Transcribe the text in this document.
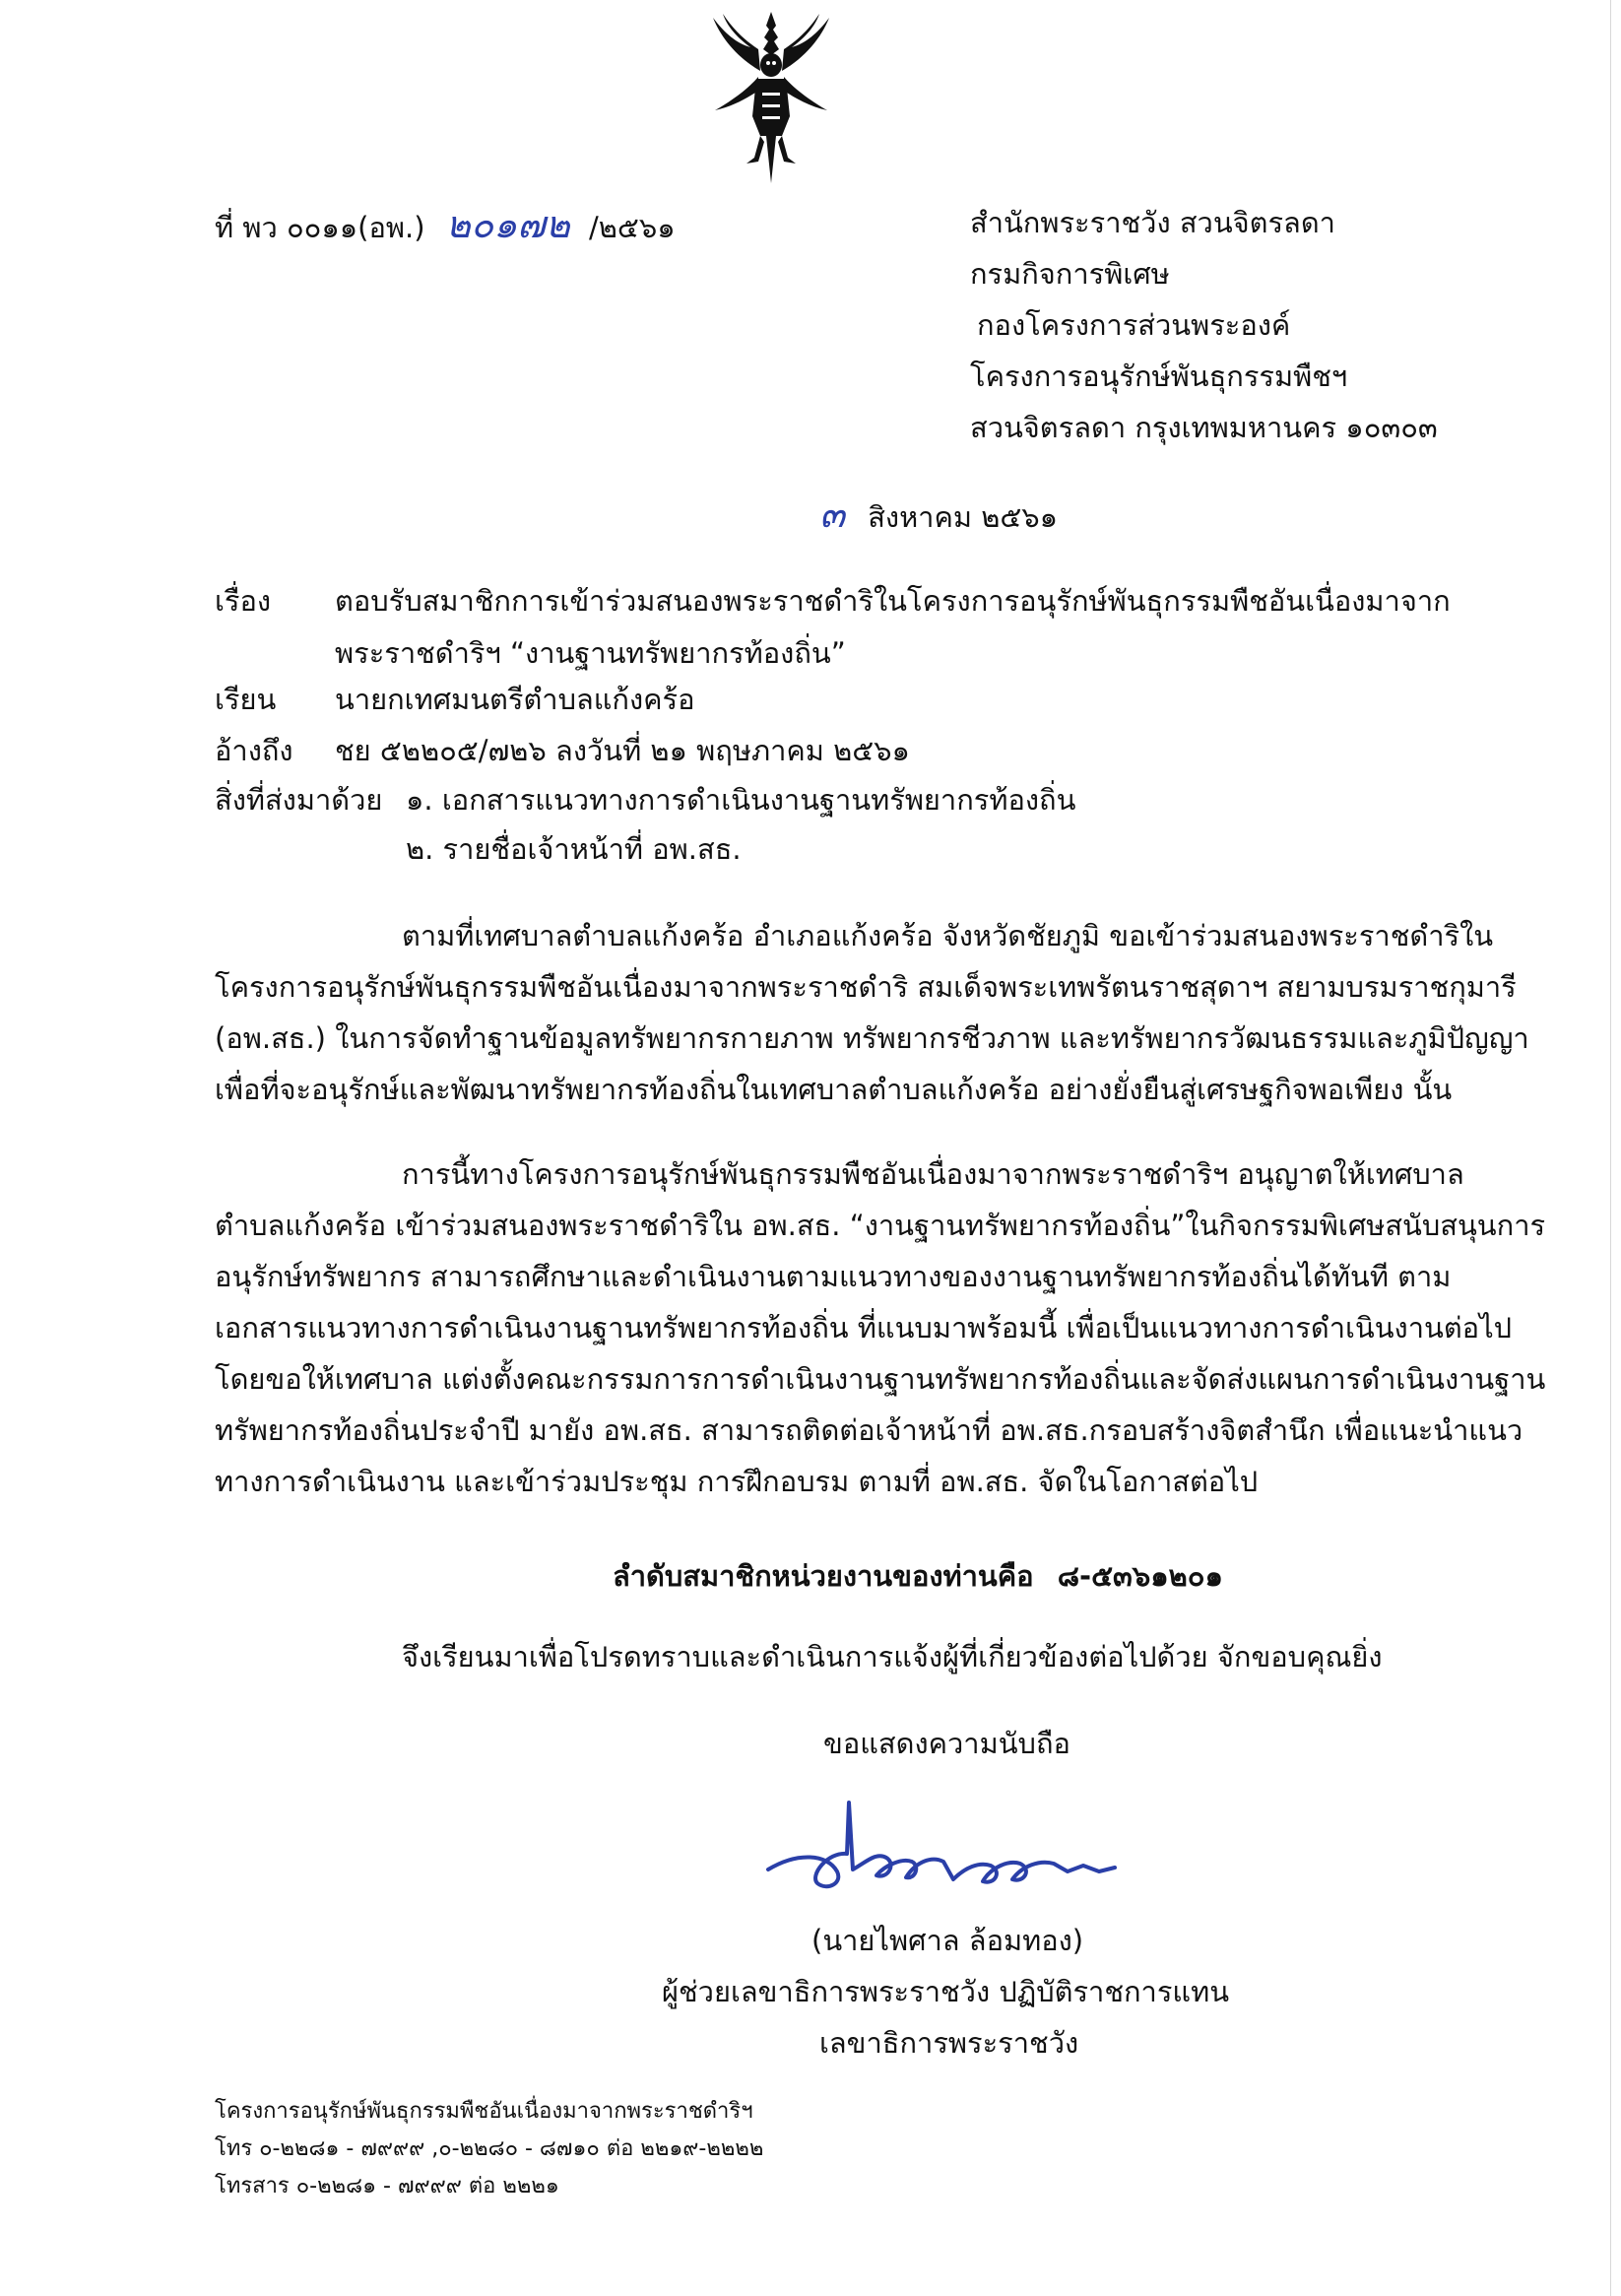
ที่ พว ๐๐๑๑(อพ.) ๒๐๑๗๒ /๒๕๖๑	สำนักพระราชวัง สวนจิตรลดา
กรมกิจการพิเศษ
กองโครงการส่วนพระองค์
โครงการอนุรักษ์พันธุกรรมพืชฯ
สวนจิตรลดา กรุงเทพมหานคร ๑๐๓๐๓
๓ สิงหาคม ๒๕๖๑
เรื่อง ตอบรับสมาชิกการเข้าร่วมสนองพระราชดำริในโครงการอนุรักษ์พันธุกรรมพืชอันเนื่องมาจาก
พระราชดำริฯ “งานฐานทรัพยากรท้องถิ่น”
เรียน นายกเทศมนตรีตำบลแก้งคร้อ
อ้างถึง ชย ๕๒๒๐๕/๗๒๖ ลงวันที่ ๒๑ พฤษภาคม ๒๕๖๑
สิ่งที่ส่งมาด้วย ๑. เอกสารแนวทางการดำเนินงานฐานทรัพยากรท้องถิ่น
๒. รายชื่อเจ้าหน้าที่ อพ.สธ.
ตามที่เทศบาลตำบลแก้งคร้อ อำเภอแก้งคร้อ จังหวัดชัยภูมิ ขอเข้าร่วมสนองพระราชดำริใน
โครงการอนุรักษ์พันธุกรรมพืชอันเนื่องมาจากพระราชดำริ สมเด็จพระเทพรัตนราชสุดาฯ สยามบรมราชกุมารี
(อพ.สธ.) ในการจัดทำฐานข้อมูลทรัพยากรกายภาพ ทรัพยากรชีวภาพ และทรัพยากรวัฒนธรรมและภูมิปัญญา
เพื่อที่จะอนุรักษ์และพัฒนาทรัพยากรท้องถิ่นในเทศบาลตำบลแก้งคร้อ อย่างยั่งยืนสู่เศรษฐกิจพอเพียง นั้น
การนี้ทางโครงการอนุรักษ์พันธุกรรมพืชอันเนื่องมาจากพระราชดำริฯ อนุญาตให้เทศบาล
ตำบลแก้งคร้อ เข้าร่วมสนองพระราชดำริใน อพ.สธ. “งานฐานทรัพยากรท้องถิ่น”ในกิจกรรมพิเศษสนับสนุนการ
อนุรักษ์ทรัพยากร สามารถศึกษาและดำเนินงานตามแนวทางของงานฐานทรัพยากรท้องถิ่นได้ทันที ตาม
เอกสารแนวทางการดำเนินงานฐานทรัพยากรท้องถิ่น ที่แนบมาพร้อมนี้ เพื่อเป็นแนวทางการดำเนินงานต่อไป
โดยขอให้เทศบาล แต่งตั้งคณะกรรมการการดำเนินงานฐานทรัพยากรท้องถิ่นและจัดส่งแผนการดำเนินงานฐาน
ทรัพยากรท้องถิ่นประจำปี มายัง อพ.สธ. สามารถติดต่อเจ้าหน้าที่ อพ.สธ.กรอบสร้างจิตสำนึก เพื่อแนะนำแนว
ทางการดำเนินงาน และเข้าร่วมประชุม การฝึกอบรม ตามที่ อพ.สธ. จัดในโอกาสต่อไป
ลำดับสมาชิกหน่วยงานของท่านคือ ๘-๕๓๖๑๒๐๑
จึงเรียนมาเพื่อโปรดทราบและดำเนินการแจ้งผู้ที่เกี่ยวข้องต่อไปด้วย จักขอบคุณยิ่ง
ขอแสดงความนับถือ
(นายไพศาล ล้อมทอง)
ผู้ช่วยเลขาธิการพระราชวัง ปฏิบัติราชการแทน
เลขาธิการพระราชวัง
โครงการอนุรักษ์พันธุกรรมพืชอันเนื่องมาจากพระราชดำริฯ
โทร ๐-๒๒๘๑ - ๗๙๙๙ ,๐-๒๒๘๐ - ๘๗๑๐ ต่อ ๒๒๑๙-๒๒๒๒
โทรสาร ๐-๒๒๘๑ - ๗๙๙๙ ต่อ ๒๒๒๑
